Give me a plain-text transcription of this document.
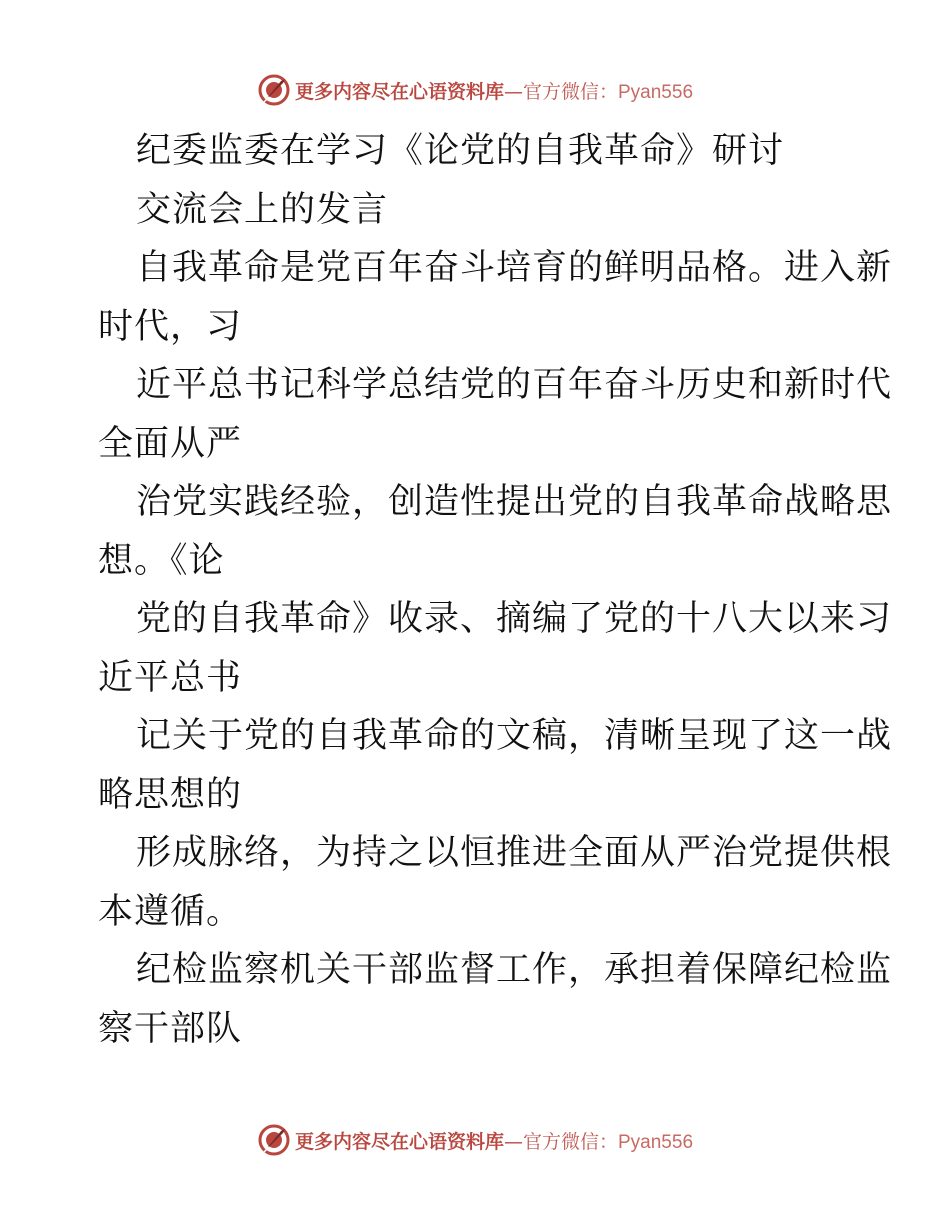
更多内容尽在心语资料库—官方微信：Pyan556
纪委监委在学习《论党的自我革命》研讨
交流会上的发言
自我革命是党百年奋斗培育的鲜明品格。进入新
时代，习
近平总书记科学总结党的百年奋斗历史和新时代
全面从严
治党实践经验，创造性提出党的自我革命战略思
想。《论
党的自我革命》收录、摘编了党的十八大以来习
近平总书
记关于党的自我革命的文稿，清晰呈现了这一战
略思想的
形成脉络，为持之以恒推进全面从严治党提供根
本遵循。
纪检监察机关干部监督工作，承担着保障纪检监
察干部队
更多内容尽在心语资料库—官方微信：Pyan556
